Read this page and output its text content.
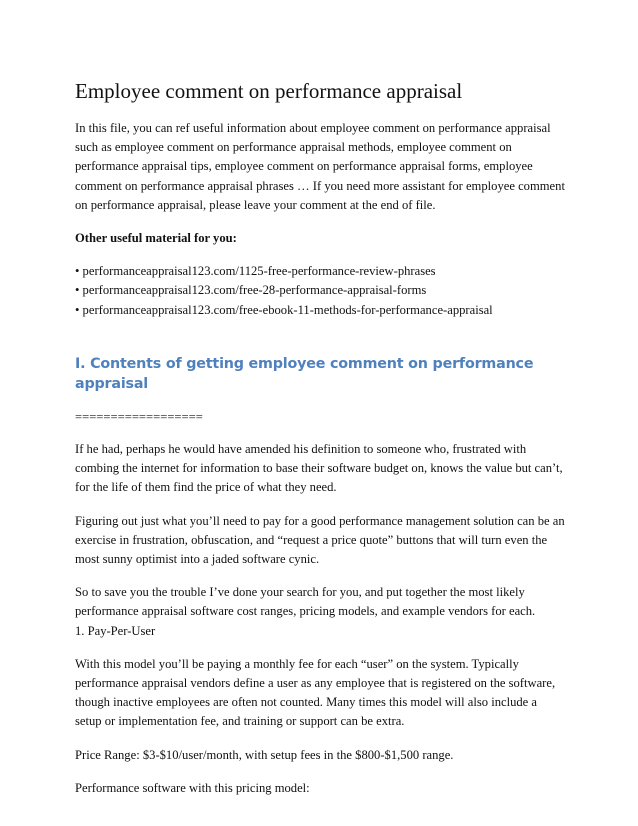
Employee comment on performance appraisal

In this file, you can ref useful information about employee comment on performance appraisal such as employee comment on performance appraisal methods, employee comment on performance appraisal tips, employee comment on performance appraisal forms, employee comment on performance appraisal phrases … If you need more assistant for employee comment on performance appraisal, please leave your comment at the end of file.

Other useful material for you:

• performanceappraisal123.com/1125-free-performance-review-phrases
• performanceappraisal123.com/free-28-performance-appraisal-forms
• performanceappraisal123.com/free-ebook-11-methods-for-performance-appraisal
I. Contents of getting employee comment on performance appraisal
==================

If he had, perhaps he would have amended his definition to someone who, frustrated with combing the internet for information to base their software budget on, knows the value but can’t, for the life of them find the price of what they need.

Figuring out just what you’ll need to pay for a good performance management solution can be an exercise in frustration, obfuscation, and “request a price quote” buttons that will turn even the most sunny optimist into a jaded software cynic.

So to save you the trouble I’ve done your search for you, and put together the most likely performance appraisal software cost ranges, pricing models, and example vendors for each.

1. Pay-Per-User

With this model you’ll be paying a monthly fee for each “user” on the system. Typically performance appraisal vendors define a user as any employee that is registered on the software, though inactive employees are often not counted. Many times this model will also include a setup or implementation fee, and training or support can be extra.

Price Range: $3-$10/user/month, with setup fees in the $800-$1,500 range.

Performance software with this pricing model:
